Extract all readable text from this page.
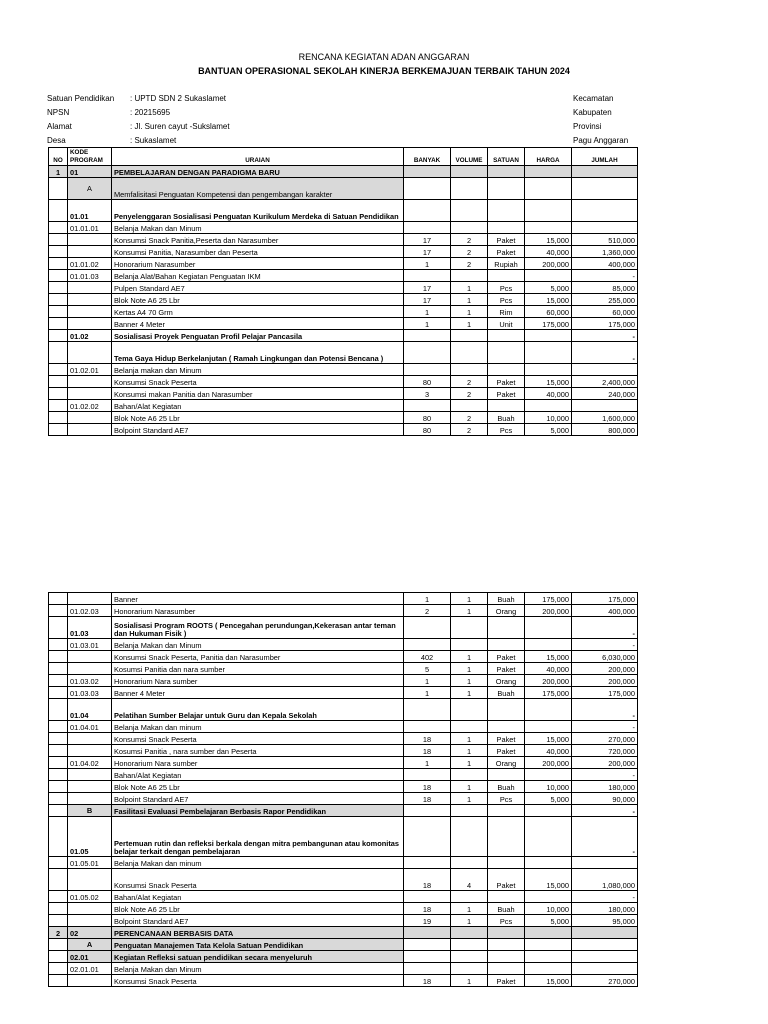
RENCANA KEGIATAN ADAN ANGGARAN
BANTUAN OPERASIONAL SEKOLAH KINERJA BERKEMAJUAN TERBAIK TAHUN 2024
Satuan Pendidikan : UPTD SDN 2 Sukaslamet
NPSN	: 20215695
Alamat	: Jl. Suren cayut -Sukslamet
Desa	: Sukaslamet
Kecamatan
Kabupaten
Provinsi
Pagu Anggaran
NO	KODE PROGRAM	URAIAN	BANYAK	VOLUME	SATUAN	HARGA	JUMLAH
1	01	PEMBELAJARAN DENGAN PARADIGMA BARU					
	A	Memfalisitasi Penguatan Kompetensi dan pengembangan karakter					
	01.01	Penyelenggaran Sosialisasi Penguatan Kurikulum Merdeka di Satuan Pendidikan					
	01.01.01	Belanja Makan dan Minum					
		Konsumsi Snack Panitia,Peserta dan Narasumber	17	2	Paket	15,000	510,000
		Konsumsi Panitia, Narasumber dan Peserta	17	2	Paket	40,000	1,360,000
	01.01.02	Honorarium Narasumber	1	2	Rupiah	200,000	400,000
	01.01.03	Belanja Alat/Bahan Kegiatan Penguatan IKM					-
		Pulpen Standard AE7	17	1	Pcs	5,000	85,000
		Blok Note A6 25 Lbr	17	1	Pcs	15,000	255,000
		Kertas A4 70 Grm	1	1	Rim	60,000	60,000
		Banner 4 Meter	1	1	Unit	175,000	175,000
	01.02	Sosialisasi Proyek Penguatan Profil Pelajar Pancasila					-
		Tema Gaya Hidup Berkelanjutan ( Ramah Lingkungan dan Potensi Bencana )					-
	01.02.01	Belanja makan dan Minum					
		Konsumsi Snack Peserta	80	2	Paket	15,000	2,400,000
		Konsumsi makan Panitia dan Narasumber	3	2	Paket	40,000	240,000
	01.02.02	Bahan/Alat Kegiatan					
		Blok Note A6 25 Lbr	80	2	Buah	10,000	1,600,000
		Bolpoint Standard AE7	80	2	Pcs	5,000	800,000
		Banner	1	1	Buah	175,000	175,000
	01.02.03	Honorarium Narasumber	2	1	Orang	200,000	400,000
	01.03	Sosialisasi Program ROOTS ( Pencegahan perundungan,Kekerasan antar teman dan Hukuman Fisik )					-
	01.03.01	Belanja Makan dan Minum					-
		Konsumsi Snack Peserta, Panitia dan Narasumber	402	1	Paket	15,000	6,030,000
		Kosumsi Panitia dan nara sumber	5	1	Paket	40,000	200,000
	01.03.02	Honorarium Nara sumber	1	1	Orang	200,000	200,000
	01.03.03	Banner 4 Meter	1	1	Buah	175,000	175,000
	01.04	Pelatihan Sumber Belajar untuk Guru dan Kepala Sekolah					-
	01.04.01	Belanja Makan dan minum					-
		Konsumsi Snack Peserta	18	1	Paket	15,000	270,000
		Kosumsi Panitia , nara sumber dan Peserta	18	1	Paket	40,000	720,000
	01.04.02	Honorarium Nara sumber	1	1	Orang	200,000	200,000
		Bahan/Alat Kegiatan					-
		Blok Note A6 25 Lbr	18	1	Buah	10,000	180,000
		Bolpoint Standard AE7	18	1	Pcs	5,000	90,000
	B	Fasilitasi Evaluasi Pembelajaran Berbasis Rapor Pendidikan					-
	01.05	Pertemuan rutin dan refleksi berkala dengan mitra pembangunan atau komonitas belajar terkait dengan pembelajaran					-
	01.05.01	Belanja Makan dan minum					
		Konsumsi Snack Peserta	18	4	Paket	15,000	1,080,000
	01.05.02	Bahan/Alat Kegiatan					-
		Blok Note A6 25 Lbr	18	1	Buah	10,000	180,000
		Bolpoint Standard AE7	19	1	Pcs	5,000	95,000
2	02	PERENCANAAN BERBASIS DATA					
	A	Penguatan Manajemen Tata Kelola Satuan Pendidikan					
	02.01	Kegiatan Refleksi satuan pendidikan secara menyeluruh					
	02.01.01	Belanja Makan dan Minum					
		Konsumsi Snack Peserta	18	1	Paket	15,000	270,000
